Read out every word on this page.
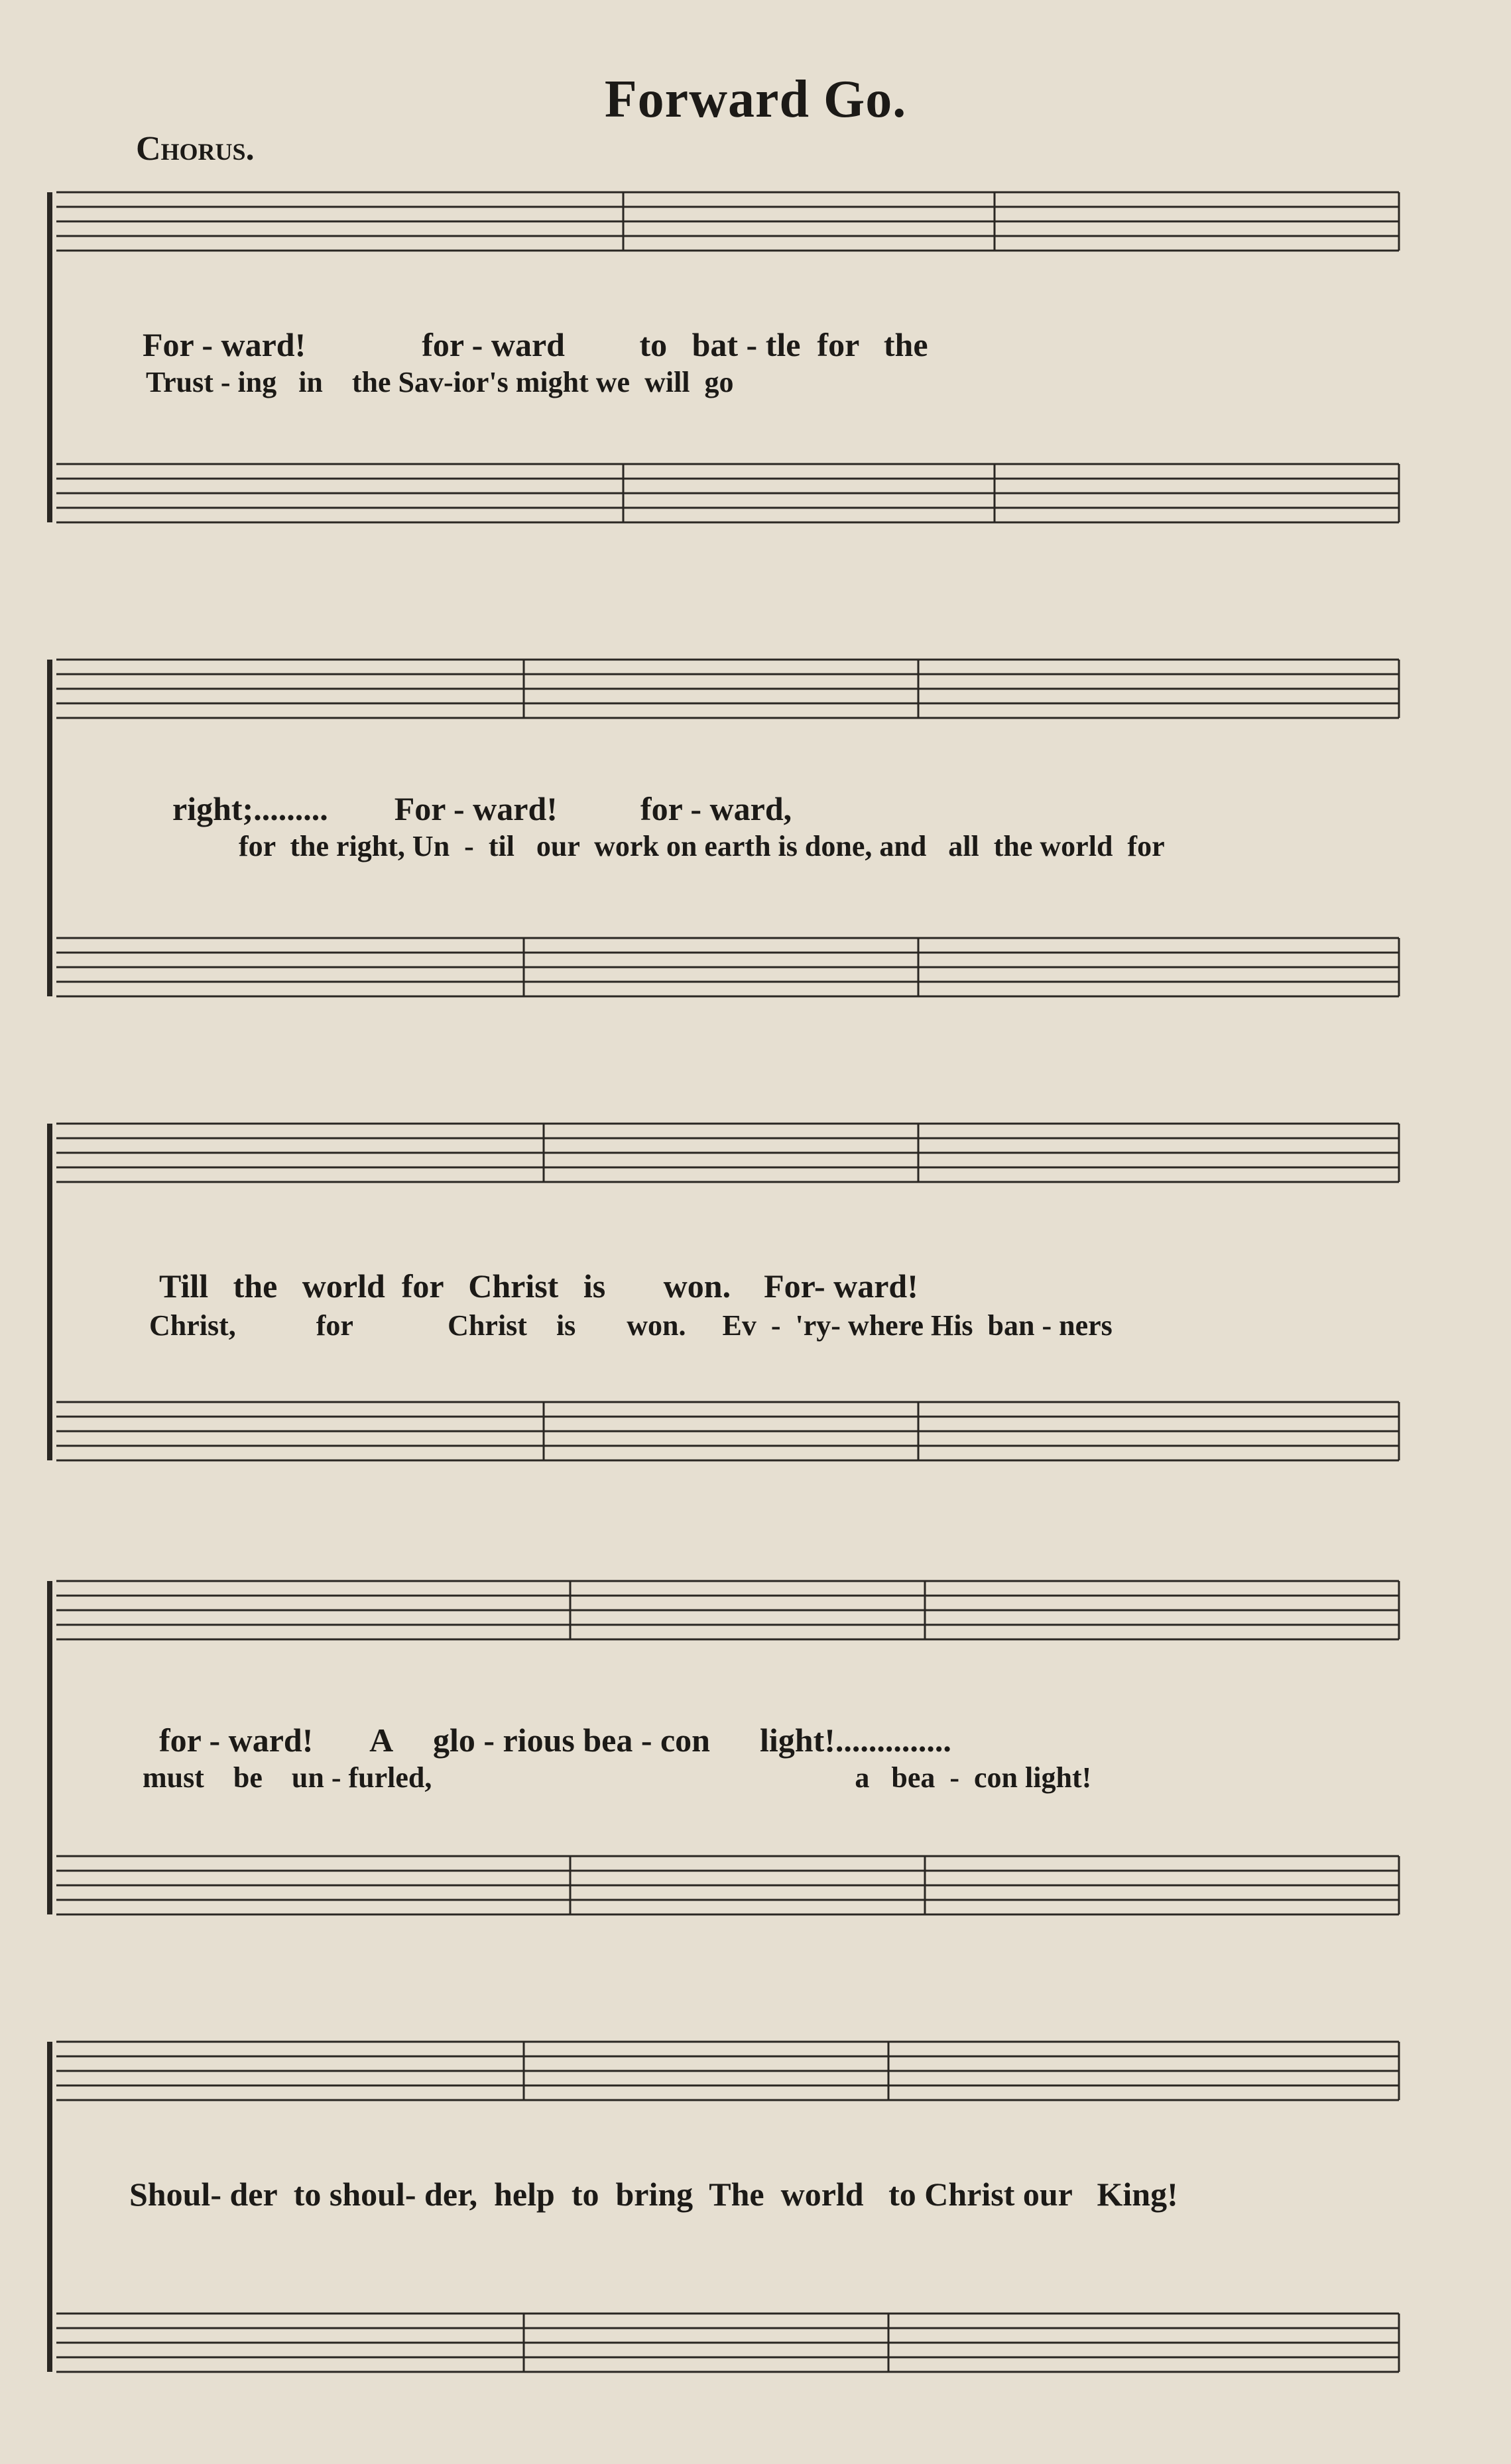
Forward Go.
Chorus.
For - ward!              for - ward         to   bat - tle  for   the
Trust - ing   in    the Sav-ior's might we  will  go
right;.........        For - ward!          for - ward,
for  the right, Un  -  til   our  work on earth is done, and   all  the world  for
Till   the   world  for   Christ   is       won.    For- ward!
Christ,           for             Christ    is       won.     Ev  -  'ry- where His  ban - ners
for - ward!       A     glo - rious bea - con      light!..............
must    be    un - furled,                                                          a   bea  -  con light!
Shoul- der  to shoul- der,  help  to  bring  The  world   to Christ our   King!
